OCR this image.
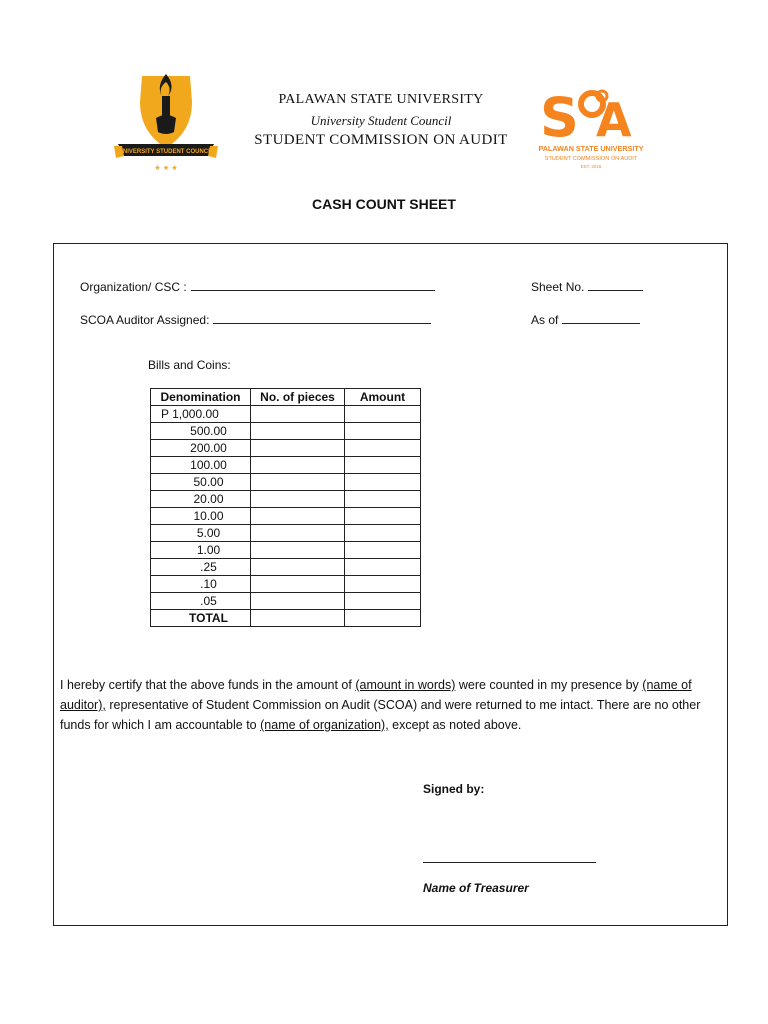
UNIVERSITY STUDENT COUNCIL
★ ★ ★
PALAWAN STATE UNIVERSITY
University Student Council
STUDENT COMMISSION ON AUDIT S A
PALAWAN STATE UNIVERSITY
STUDENT COMMISSION ON AUDIT
EST. 2016
CASH COUNT SHEET
Organization/ CSC :	Sheet No.
SCOA Auditor Assigned:	As of
Bills and Coins:
Denomination	No. of pieces	Amount
P 1,000.00		
500.00		
200.00		
100.00		
50.00		
20.00		
10.00		
5.00		
1.00		
.25		
.10		
.05		
TOTAL		
I hereby certify that the above funds in the amount of (amount in words) were counted in my presence by (name of auditor), representative of Student Commission on Audit (SCOA) and were returned to me intact. There are no other funds for which I am accountable to (name of organization), except as noted above.
Signed by:
Name of Treasurer
